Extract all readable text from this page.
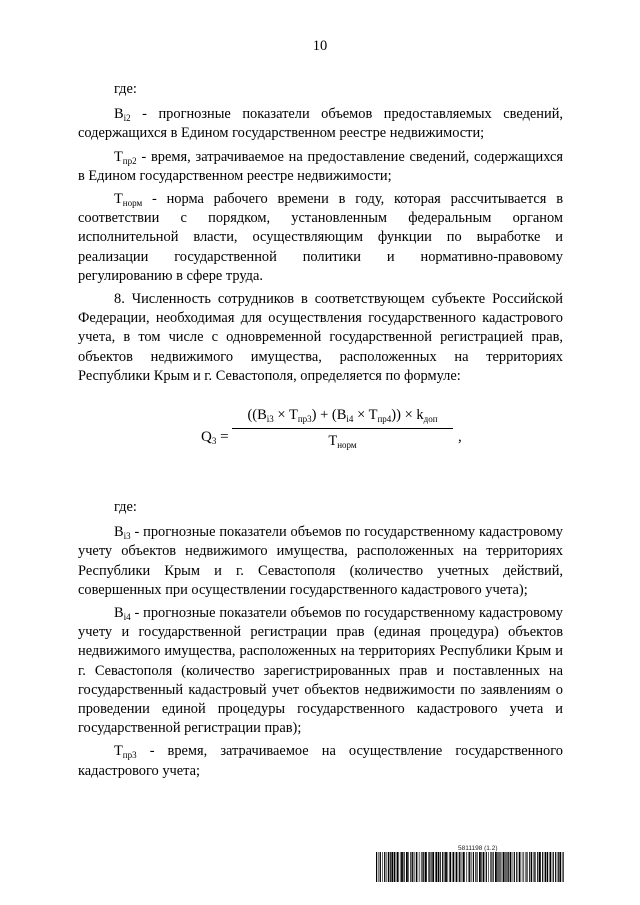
10

где:

$B_{i2}$ - прогнозные показатели объемов предоставляемых сведений, содержащихся в Едином государственном реестре недвижимости;

$T_{пр2}$ - время, затрачиваемое на предоставление сведений, содержащихся в Едином государственном реестре недвижимости;

$T_{норм}$ - норма рабочего времени в году, которая рассчитывается в соответствии с порядком, установленным федеральным органом исполнительной власти, осуществляющим функции по выработке и реализации государственной политики и нормативно-правовому регулированию в сфере труда.

8. Численность сотрудников в соответствующем субъекте Российской Федерации, необходимая для осуществления государственного кадастрового учета, в том числе с одновременной государственной регистрацией прав, объектов недвижимого имущества, расположенных на территориях Республики Крым и г. Севастополя, определяется по формуле:

$Q_3$ =
$((B_{i3} \times T_{пр3}) + (B_{i4} \times T_{пр4})) \times k_{доп}$
$T_{норм}$
,

где:

$B_{i3}$ - прогнозные показатели объемов по государственному кадастровому учету объектов недвижимого имущества, расположенных на территориях Республики Крым и г. Севастополя (количество учетных действий, совершенных при осуществлении государственного кадастрового учета);

$B_{i4}$ - прогнозные показатели объемов по государственному кадастровому учету и государственной регистрации прав (единая процедура) объектов недвижимого имущества, расположенных на территориях Республики Крым и г. Севастополя (количество зарегистрированных прав и поставленных на государственный кадастровый учет объектов недвижимости по заявлениям о проведении единой процедуры государственного кадастрового учета и государственной регистрации прав);

$T_{пр3}$ - время, затрачиваемое на осуществление государственного кадастрового учета;

5811198 (1.2)
